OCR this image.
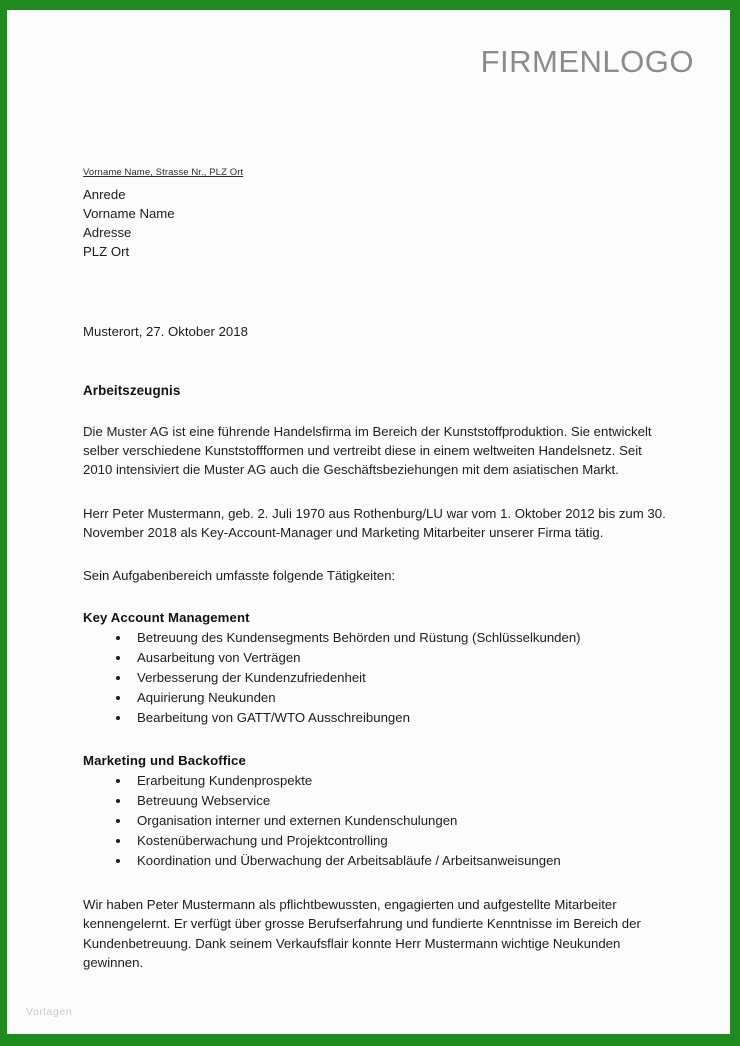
FIRMENLOGO
Vorname Name, Strasse Nr., PLZ Ort
Anrede
Vorname Name
Adresse
PLZ Ort
Musterort, 27. Oktober 2018
Arbeitszeugnis

Die Muster AG ist eine führende Handelsfirma im Bereich der Kunststoffproduktion. Sie entwickelt selber verschiedene Kunststoffformen und vertreibt diese in einem weltweiten Handelsnetz. Seit 2010 intensiviert die Muster AG auch die Geschäftsbeziehungen mit dem asiatischen Markt.

Herr Peter Mustermann, geb. 2. Juli 1970 aus Rothenburg/LU war vom 1. Oktober 2012 bis zum 30. November 2018 als Key-Account-Manager und Marketing Mitarbeiter unserer Firma tätig.

Sein Aufgabenbereich umfasste folgende Tätigkeiten:

Key Account Management
Betreuung des Kundensegments Behörden und Rüstung (Schlüsselkunden)
Ausarbeitung von Verträgen
Verbesserung der Kundenzufriedenheit
Aquirierung Neukunden
Bearbeitung von GATT/WTO Ausschreibungen
Marketing und Backoffice
Erarbeitung Kundenprospekte
Betreuung Webservice
Organisation interner und externen Kundenschulungen
Kostenüberwachung und Projektcontrolling
Koordination und Überwachung der Arbeitsabläufe / Arbeitsanweisungen

Wir haben Peter Mustermann als pflichtbewussten, engagierten und aufgestellte Mitarbeiter kennengelernt. Er verfügt über grosse Berufserfahrung und fundierte Kenntnisse im Bereich der Kundenbetreuung. Dank seinem Verkaufsflair konnte Herr Mustermann wichtige Neukunden gewinnen.

Vorlagen
